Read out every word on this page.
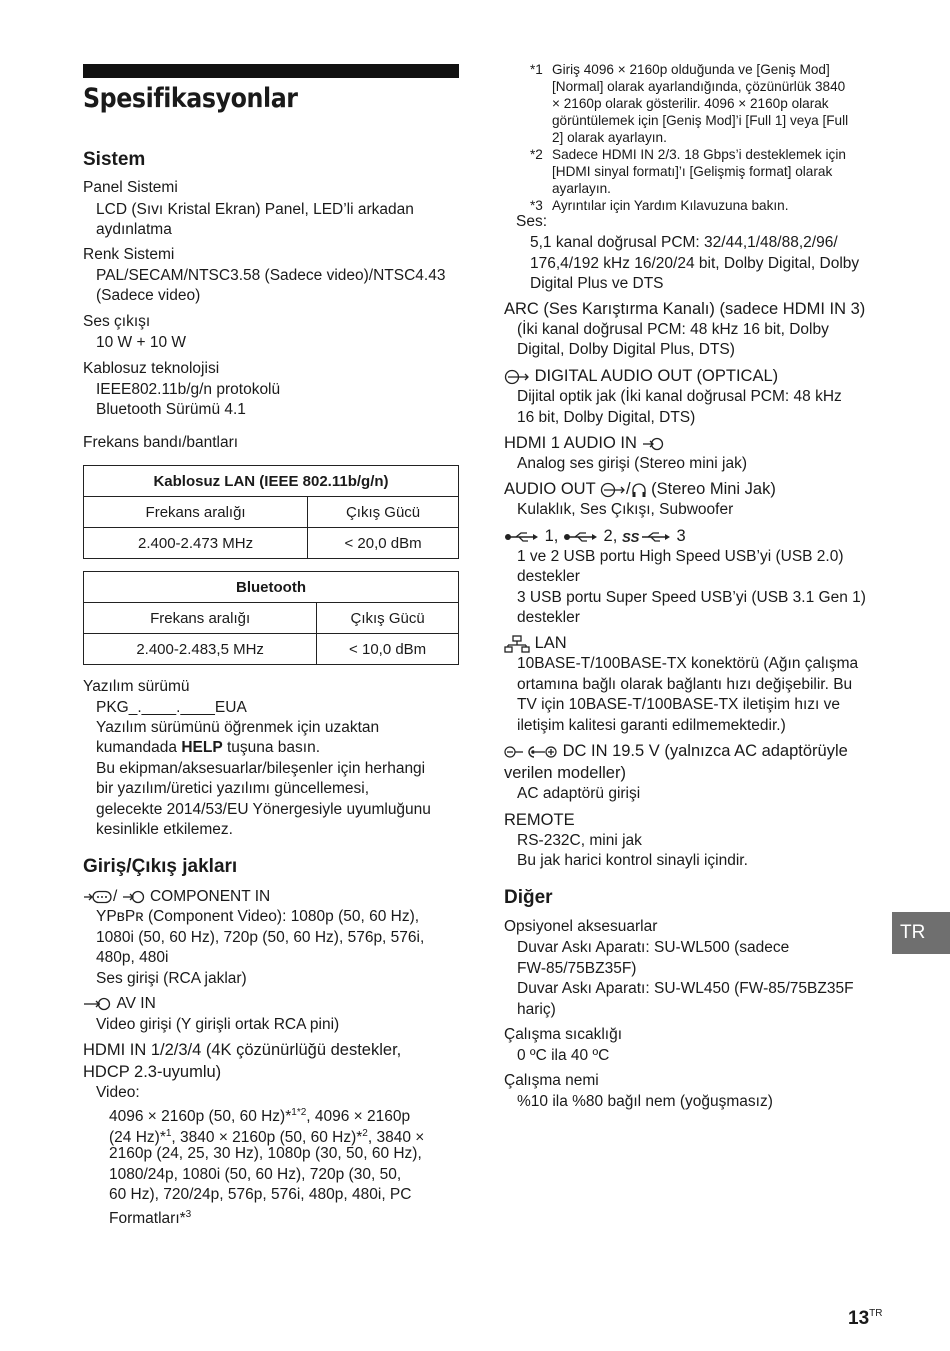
Spesifikasyonlar
Sistem
Panel Sistemi
LCD (Sıvı Kristal Ekran) Panel, LED’li arkadan
aydınlatma
Renk Sistemi
PAL/SECAM/NTSC3.58 (Sadece video)/NTSC4.43
(Sadece video)
Ses çıkışı
10 W + 10 W
Kablosuz teknolojisi
IEEE802.11b/g/n protokolü
Bluetooth Sürümü 4.1
Frekans bandı/bantları
Kablosuz LAN (IEEE 802.11b/g/n)	
Frekans aralığı	Çıkış Gücü
2.400-2.473 MHz	< 20,0 dBm
Bluetooth	
Frekans aralığı	Çıkış Gücü
2.400-2.483,5 MHz	< 10,0 dBm
Yazılım sürümü
PKG_.____.____EUA
Yazılım sürümünü öğrenmek için uzaktan
kumandada HELP tuşuna basın.
Bu ekipman/aksesuarlar/bileşenler için herhangi
bir yazılım/üretici yazılımı güncellemesi,
gelecekte 2014/53/EU Yönergesiyle uyumluğunu
kesinlikle etkilemez.
Giriş/Çıkış jakları
/  COMPONENT IN
YPʙPʀ (Component Video): 1080p (50, 60 Hz),
1080i (50, 60 Hz), 720p (50, 60 Hz), 576p, 576i,
480p, 480i
Ses girişi (RCA jaklar)
AV IN
Video girişi (Y girişli ortak RCA pini)
HDMI IN 1/2/3/4 (4K çözünürlüğü destekler,
HDCP 2.3-uyumlu)
Video:
4096 × 2160p (50, 60 Hz)*$^{1*2}$, 4096 × 2160p
(24 Hz)*$^1$, 3840 × 2160p (50, 60 Hz)*$^2$, 3840 ×
2160p (24, 25, 30 Hz), 1080p (30, 50, 60 Hz),
1080/24p, 1080i (50, 60 Hz), 720p (30, 50,
60 Hz), 720/24p, 576p, 576i, 480p, 480i, PC
Formatları*$^3$
*1 Giriş 4096 × 2160p olduğunda ve [Geniş Mod]
[Normal] olarak ayarlandığında, çözünürlük 3840
× 2160p olarak gösterilir. 4096 × 2160p olarak
görüntülemek için [Geniş Mod]’i [Full 1] veya [Full
2] olarak ayarlayın.
*2 Sadece HDMI IN 2/3. 18 Gbps’i desteklemek için
[HDMI sinyal formatı]’ı [Gelişmiş format] olarak
ayarlayın.
*3 Ayrıntılar için Yardım Kılavuzuna bakın.
Ses:
5,1 kanal doğrusal PCM: 32/44,1/48/88,2/96/
176,4/192 kHz 16/20/24 bit, Dolby Digital, Dolby
Digital Plus ve DTS
ARC (Ses Karıştırma Kanalı) (sadece HDMI IN 3)
(İki kanal doğrusal PCM: 48 kHz 16 bit, Dolby
Digital, Dolby Digital Plus, DTS)
DIGITAL AUDIO OUT (OPTICAL)
Dijital optik jak (İki kanal doğrusal PCM: 48 kHz
16 bit, Dolby Digital, DTS)
HDMI 1 AUDIO IN
Analog ses girişi (Stereo mini jak)
AUDIO OUT / (Stereo Mini Jak)
Kulaklık, Ses Çıkışı, Subwoofer
1,  2, SS 3
1 ve 2 USB portu High Speed USB’yi (USB 2.0)
destekler
3 USB portu Super Speed USB’yi (USB 3.1 Gen 1)
destekler
LAN
10BASE-T/100BASE-TX konektörü (Ağın çalışma
ortamına bağlı olarak bağlantı hızı değişebilir. Bu
TV için 10BASE-T/100BASE-TX iletişim hızı ve
iletişim kalitesi garanti edilmemektedir.)
DC IN 19.5 V (yalnızca AC adaptörüyle
verilen modeller)
AC adaptörü girişi
REMOTE
RS-232C, mini jak
Bu jak harici kontrol sinayli içindir.
Diğer
Opsiyonel aksesuarlar
Duvar Askı Aparatı: SU-WL500 (sadece
FW-85/75BZ35F)
Duvar Askı Aparatı: SU-WL450 (FW-85/75BZ35F
hariç)
Çalışma sıcaklığı
0 ºC ila 40 ºC
Çalışma nemi
%10 ila %80 bağıl nem (yoğuşmasız)
TR
$13^{TR}$
